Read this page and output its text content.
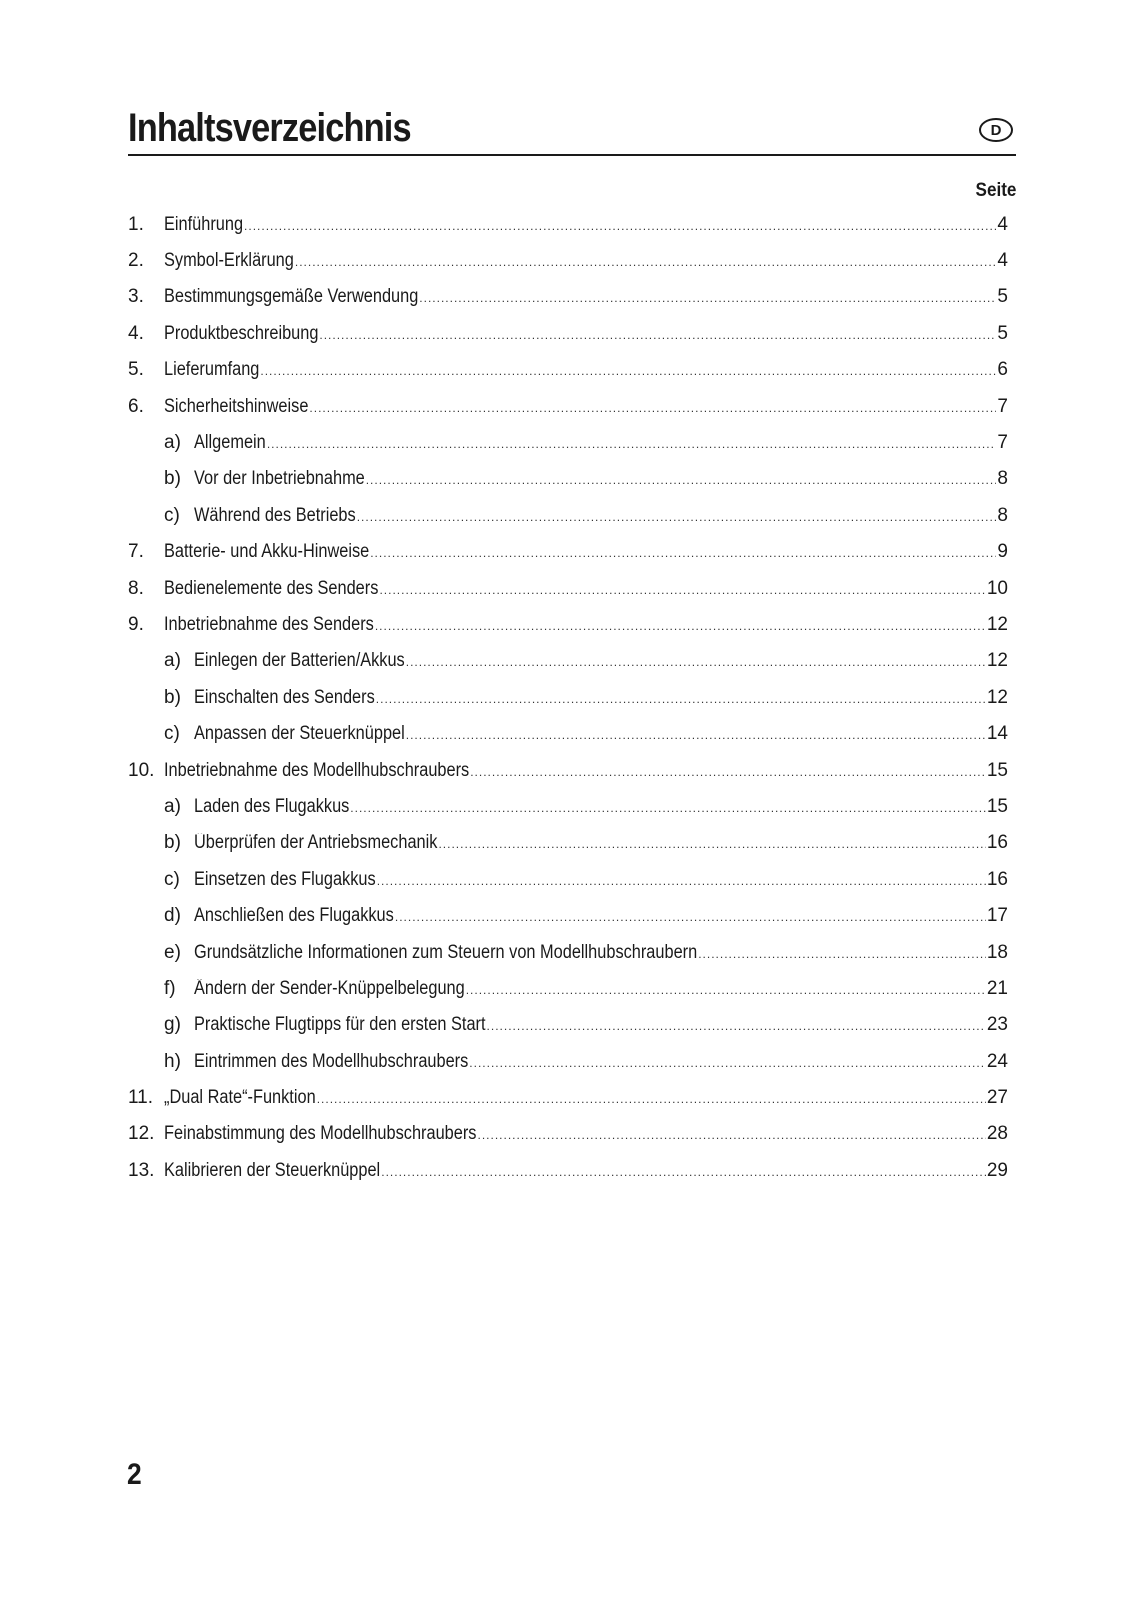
Inhaltsverzeichnis	D
Seite
1.	Einführung .....	4
2.	Symbol-Erklärung .....	4
3.	Bestimmungsgemäße Verwendung .....	5
4.	Produktbeschreibung .....	5
5.	Lieferumfang .....	6
6.	Sicherheitshinweise .....	7
a) Allgemein .....	7
b) Vor der Inbetriebnahme .....	8
c) Während des Betriebs .....	8
7.	Batterie- und Akku-Hinweise .....	9
8.	Bedienelemente des Senders .....	10
9.	Inbetriebnahme des Senders .....	12
a) Einlegen der Batterien/Akkus .....	12
b) Einschalten des Senders .....	12
c) Anpassen der Steuerknüppel .....	14
10. Inbetriebnahme des Modellhubschraubers .....	15
a) Laden des Flugakkus .....	15
b) Überprüfen der Antriebsmechanik .....	16
c) Einsetzen des Flugakkus .....	16
d) Anschließen des Flugakkus .....	17
e) Grundsätzliche Informationen zum Steuern von Modellhubschraubern .....	18
f) Ändern der Sender-Knüppelbelegung .....	21
g) Praktische Flugtipps für den ersten Start .....	23
h) Eintrimmen des Modellhubschraubers .....	24
11. „Dual Rate“-Funktion .....	27
12. Feinabstimmung des Modellhubschraubers .....	28
13. Kalibrieren der Steuerknüppel .....	29
2
